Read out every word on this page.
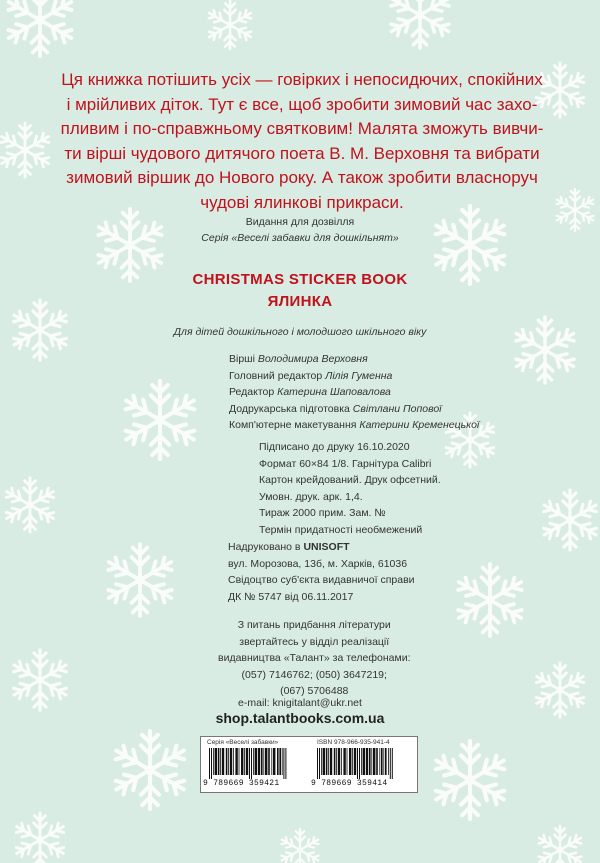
Ця книжка потішить усіх — говірких і непосидючих, спокійних
і мрійливих діток. Тут є все, щоб зробити зимовий час захо-
пливим і по-справжньому святковим! Малята зможуть вивчи-
ти вірші чудового дитячого поета В. М. Верховня та вибрати
зимовий віршик до Нового року. А також зробити власноруч
чудові ялинкові прикраси.
Видання для дозвілля
Серія «Веселі забавки для дошкільнят»
CHRISTMAS STICKER BOOK
ЯЛИНКА
Для дітей дошкільного і молодшого шкільного віку
Вірші Володимира Верховня
Головний редактор Лілія Гуменна
Редактор Катерина Шаповалова
Додрукарська підготовка Світлани Попової
Комп'ютерне макетування Катерини Кременецької
Підписано до друку 16.10.2020
Формат 60×84 1/8. Гарнітура Calibri
Картон крейдований. Друк офсетний.
Умовн. друк. арк. 1,4.
Тираж 2000 прим. Зам. №
Термін придатності необмежений
Надруковано в UNISOFT
вул. Морозова, 13б, м. Харків, 61036
Свідоцтво суб'єкта видавничої справи
ДК № 5747 від 06.11.2017
З питань придбання літератури
звертайтесь у відділ реалізації
видавництва «Талант» за телефонами:
(057) 7146762; (050) 3647219;
(067) 5706488
e-mail: knigitalant@ukr.net
shop.talantbooks.com.ua
Серія «Веселі забавки»	ISBN 978-966-935-941-4
9 789669 359421	9 789669 359414
